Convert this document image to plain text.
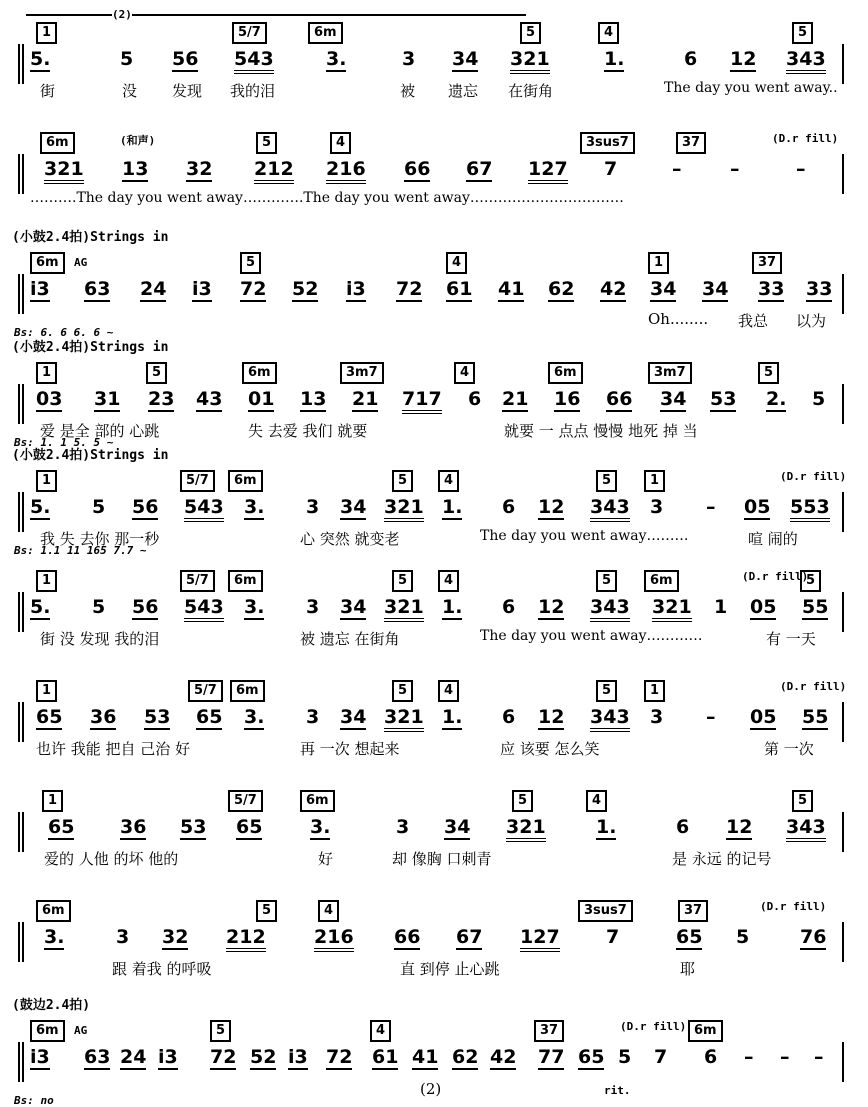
(2)
1	5/7	6m	5	4	5
5.	5 56 543	3.	3 34 321	1.	6 12 343
街	没 发现 我的泪	被 遗忘 在街角	The day you went away..
6m	5	4	3sus7	37
(和声)	(D.r fill)
321 13 32 212 216 66 67 127 7	–	–	–
……….The day you went away………….The day you went away……………………………
(小鼓2.4拍)Strings in
6m	5	4	1	37
AG
i3 63 24 i3 72 52 i3 72 61 41 62 42 34 34 33 33
Oh........ 我总 以为
Bs: 6. 6 6. 6 ~
(小鼓2.4拍)Strings in
1	5	6m	3m7	4	6m	3m7	5
03 31 23 43 01 13 21 717 6 21 16 66 34 53 2. 5
爱 是全 部的 心跳	失 去爱 我们 就要	就要 一 点点 慢慢 地死 掉 当
Bs: 1. 1 5. 5 ~
(小鼓2.4拍)Strings in
1	5/7	6m	5	4	5	1	(D.r fill)
5. 5 56 543 3. 3 34 321 1. 6 12 343 3 – 05 553
我 失 去你 那一秒	心 突然 就变老	喧 闹的
The day you went away………
Bs: 1.1 11 165 7.7 ~
1	5/7	6m	5	4	5	6m	5
(D.r fill)
5. 5 56 543 3. 3 34 321 1. 6 12 343 321 1 05 55
街 没 发现 我的泪	被 遗忘 在街角	有 一天
The day you went away…………
1	5/7	6m	5	4	5	1	(D.r fill)
65 36 53 65 3. 3 34 321 1. 6 12 343 3 – 05 55
也许 我能 把自 己治 好	再 一次 想起来	应 该要 怎么笑	第 一次
1	5/7	6m	5	4	5
65 36 53 65	3.	3 34 321	1.	6 12 343
爱的 人他 的坏 他的	好	却 像胸 口刺青	是 永远 的记号
6m	5	4	3sus7	37	(D.r fill)
3.	3 32 212	216 66 67 127 7	65 5	76
跟 着我 的呼吸	直 到停 止心跳	耶
(鼓边2.4拍)
6m	5	4	37	6m
AG	(D.r fill)
i3 63 24 i3 72 52 i3 72 61 41 62 42 77 65 5 7 6 – – –
Bs: no
rit.
(2)
